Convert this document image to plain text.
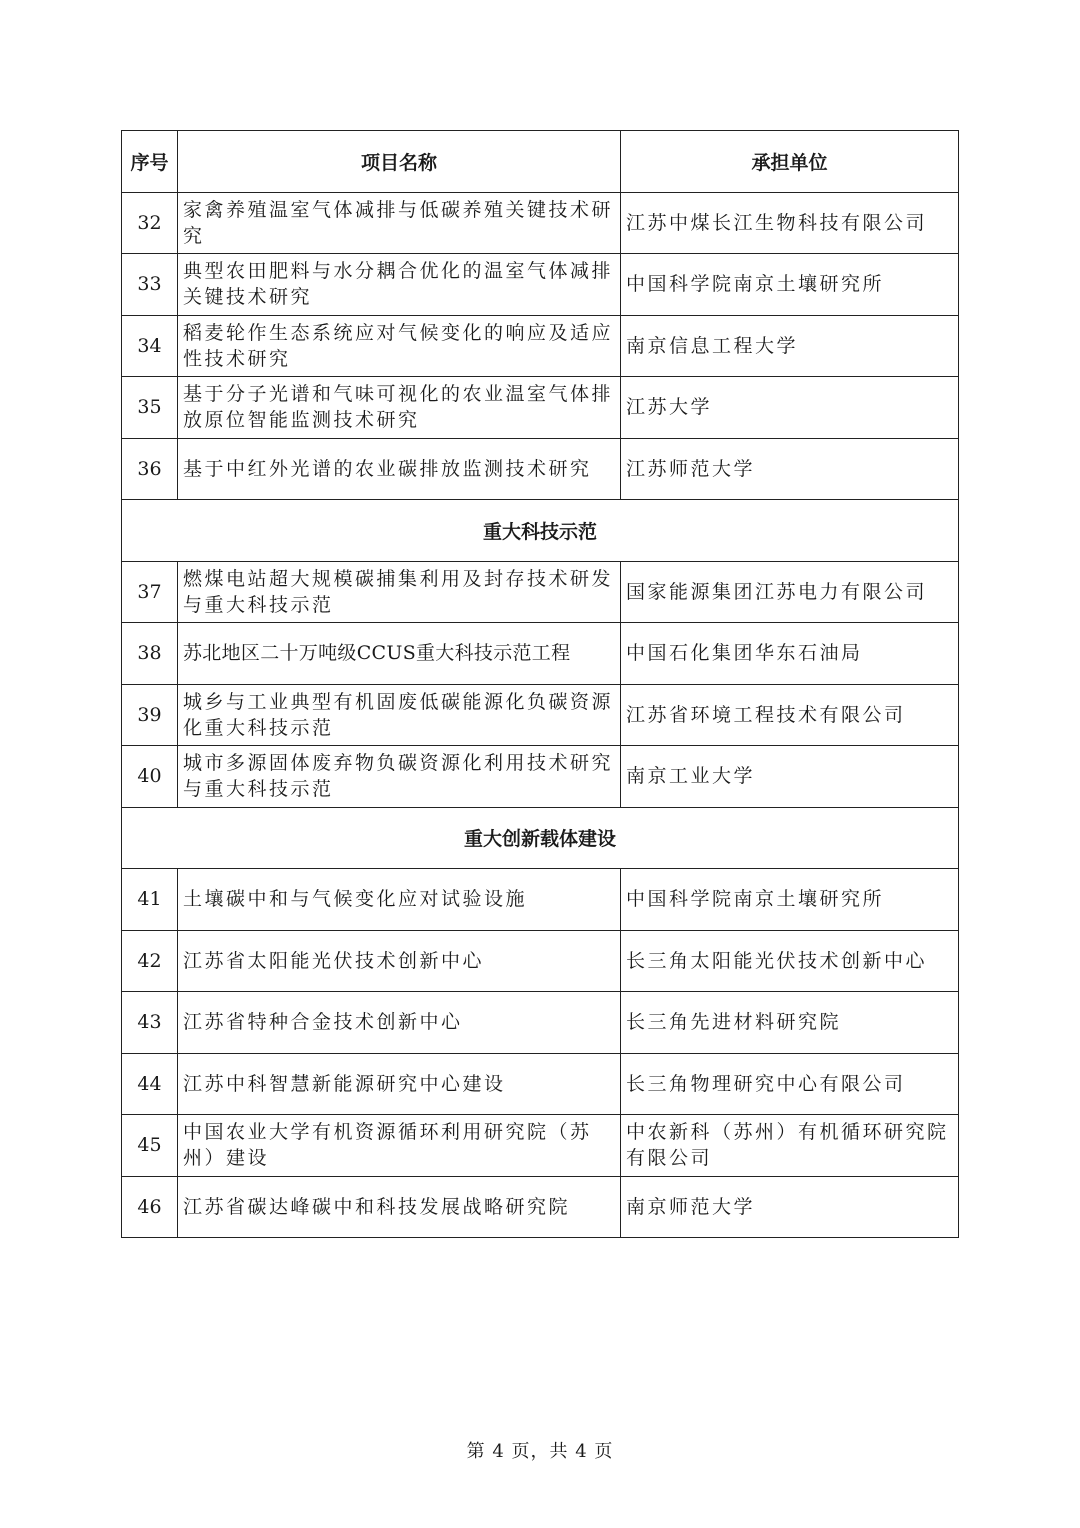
序号	项目名称	承担单位
32	家禽养殖温室气体减排与低碳养殖关键技术研究	江苏中煤长江生物科技有限公司
33	典型农田肥料与水分耦合优化的温室气体减排关键技术研究	中国科学院南京土壤研究所
34	稻麦轮作生态系统应对气候变化的响应及适应性技术研究	南京信息工程大学
35	基于分子光谱和气味可视化的农业温室气体排放原位智能监测技术研究	江苏大学
36	基于中红外光谱的农业碳排放监测技术研究	江苏师范大学
重大科技示范		
37	燃煤电站超大规模碳捕集利用及封存技术研发与重大科技示范	国家能源集团江苏电力有限公司
38	苏北地区二十万吨级CCUS重大科技示范工程	中国石化集团华东石油局
39	城乡与工业典型有机固废低碳能源化负碳资源化重大科技示范	江苏省环境工程技术有限公司
40	城市多源固体废弃物负碳资源化利用技术研究与重大科技示范	南京工业大学
重大创新载体建设		
41	土壤碳中和与气候变化应对试验设施	中国科学院南京土壤研究所
42	江苏省太阳能光伏技术创新中心	长三角太阳能光伏技术创新中心
43	江苏省特种合金技术创新中心	长三角先进材料研究院
44	江苏中科智慧新能源研究中心建设	长三角物理研究中心有限公司
45	中国农业大学有机资源循环利用研究院（苏州）建设	中农新科（苏州）有机循环研究院有限公司
46	江苏省碳达峰碳中和科技发展战略研究院	南京师范大学
第 4 页，共 4 页
